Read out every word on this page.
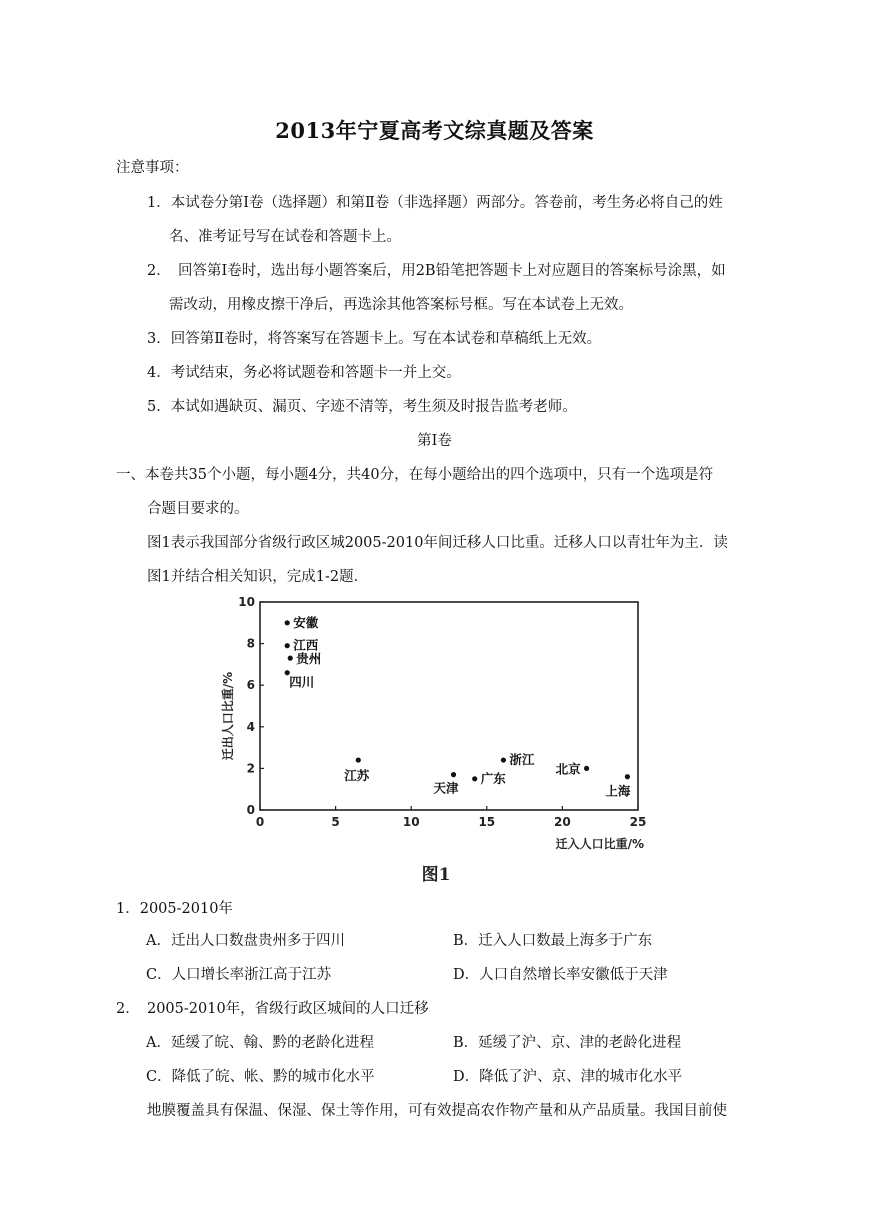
2013年宁夏高考文综真题及答案
注意事项：
1．本试卷分第Ⅰ卷（选择题）和第Ⅱ卷（非选择题）两部分。答卷前，考生务必将自己的姓
名、准考证号写在试卷和答题卡上。
2．　回答第Ⅰ卷时，选出每小题答案后，用2B铅笔把答题卡上对应题目的答案标号涂黑，如
需改动，用橡皮擦干净后，再选涂其他答案标号框。写在本试卷上无效。
3．回答第Ⅱ卷时，将答案写在答题卡上。写在本试卷和草稿纸上无效。
4．考试结束，务必将试题卷和答题卡一并上交。
5．本试如遇缺页、漏页、字迹不清等，考生须及时报告监考老师。
第Ⅰ卷
一、本卷共35个小题，每小题4分，共40分，在每小题给出的四个选项中，只有一个选项是符
合题目要求的。
图1表示我国部分省级行政区城2005-2010年间迁移人口比重。迁移人口以青壮年为主．读
图1并结合相关知识，完成1-2题．
0	5	10	15	20	25
0
2
4
6
8
10
迁入人口比重/%
迁出人口比重/%
安徽
江西
贵州
四川
江苏
天津
广东
浙江
北京
上海
图1
1．2005-2010年
A．迁出人口数盘贵州多于四川	B．迁入人口数最上海多于广东
C．人口增长率浙江高于江苏	D．人口自然增长率安徽低于天津
2．　2005-2010年，省级行政区城间的人口迁移
A．延缓了皖、翰、黔的老龄化进程	B．延缓了沪、京、津的老龄化进程
C．降低了皖、帐、黔的城市化水平	D．降低了沪、京、津的城市化水平
地膜覆盖具有保温、保湿、保土等作用，可有效提高农作物产量和从产品质量。我国目前使
